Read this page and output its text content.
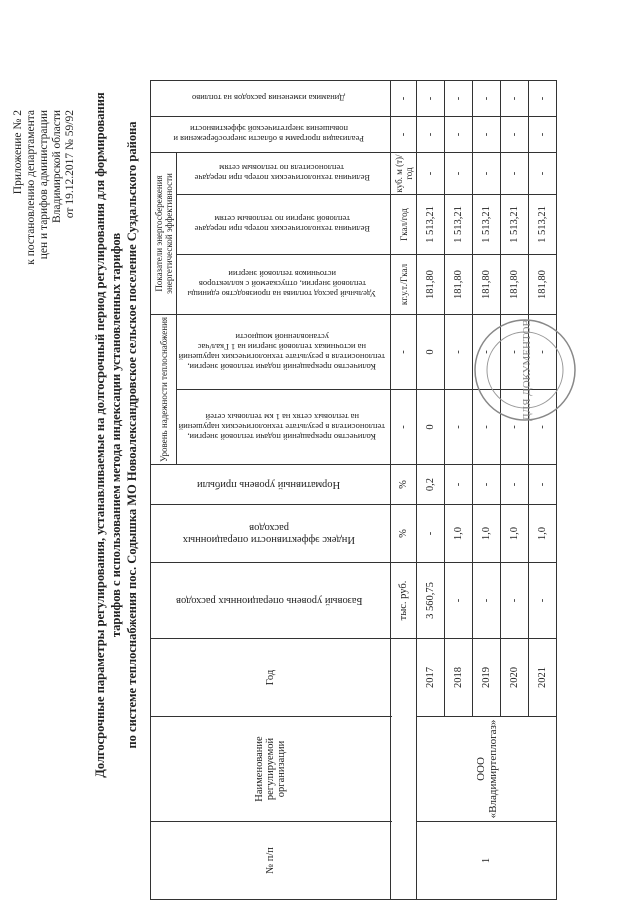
Приложение № 2 к постановлению департамента цен и тарифов администрации Владимирской области от 19.12.2017 № 59/92 Долгосрочные параметры регулирования, устанавливаемые на долгосрочный период регулирования для формирования тарифов с использованием метода индексации установленных тарифов по системе теплоснабжения пос. Содышка МО Новоалександровское сельское поселение Суздальского района
№ п/п	Наименование регулируемой организации	Год	Базовый уровень операционных расходов	Индекс эффективности операционных расходов	Нормативный уровень прибыли	Уровень надежности теплоснабжения		Показатели энергосбережения энергетической эффективности			Реализация программ в области энергосбережения и повышения энергетической эффективности	Динамика изменения расходов на топливо
						Количество прекращений подачи тепловой энергии, теплоносителя в результате технологических нарушений на тепловых сетях на 1 км тепловых сетей	Количество прекращений подачи тепловой энергии, теплоносителя в результате технологических нарушений на источниках тепловой энергии на 1 Гкал/час установленной мощности	Удельный расход топлива на производство единицы тепловой энергии, отпускаемой с коллекторов источников тепловой энергии	Величина технологических потерь при передаче тепловой энергии по тепловым сетям	Величина технологических потерь при передаче теплоносителя по тепловым сетям		

			тыс. руб.	%	%	-	-	кг.у.т./Гкал	Гкал/год	куб. м (т)/год	-	-
1	ООО «Владимиртеплогаз»	2017	3 560,75	-	0,2	0	0	181,80	1 513,21	-	-	-
		2018	-	1,0	-	-	-	181,80	1 513,21	-	-	-
		2019	-	1,0	-	-	-	181,80	1 513,21	-	-	-
		2020	-	1,0	-	-	-	181,80	1 513,21	-	-	-
		2021	-	1,0	-	-	-	181,80	1 513,21	-	-	-
ДЛЯ ДОКУМЕНТОВ
